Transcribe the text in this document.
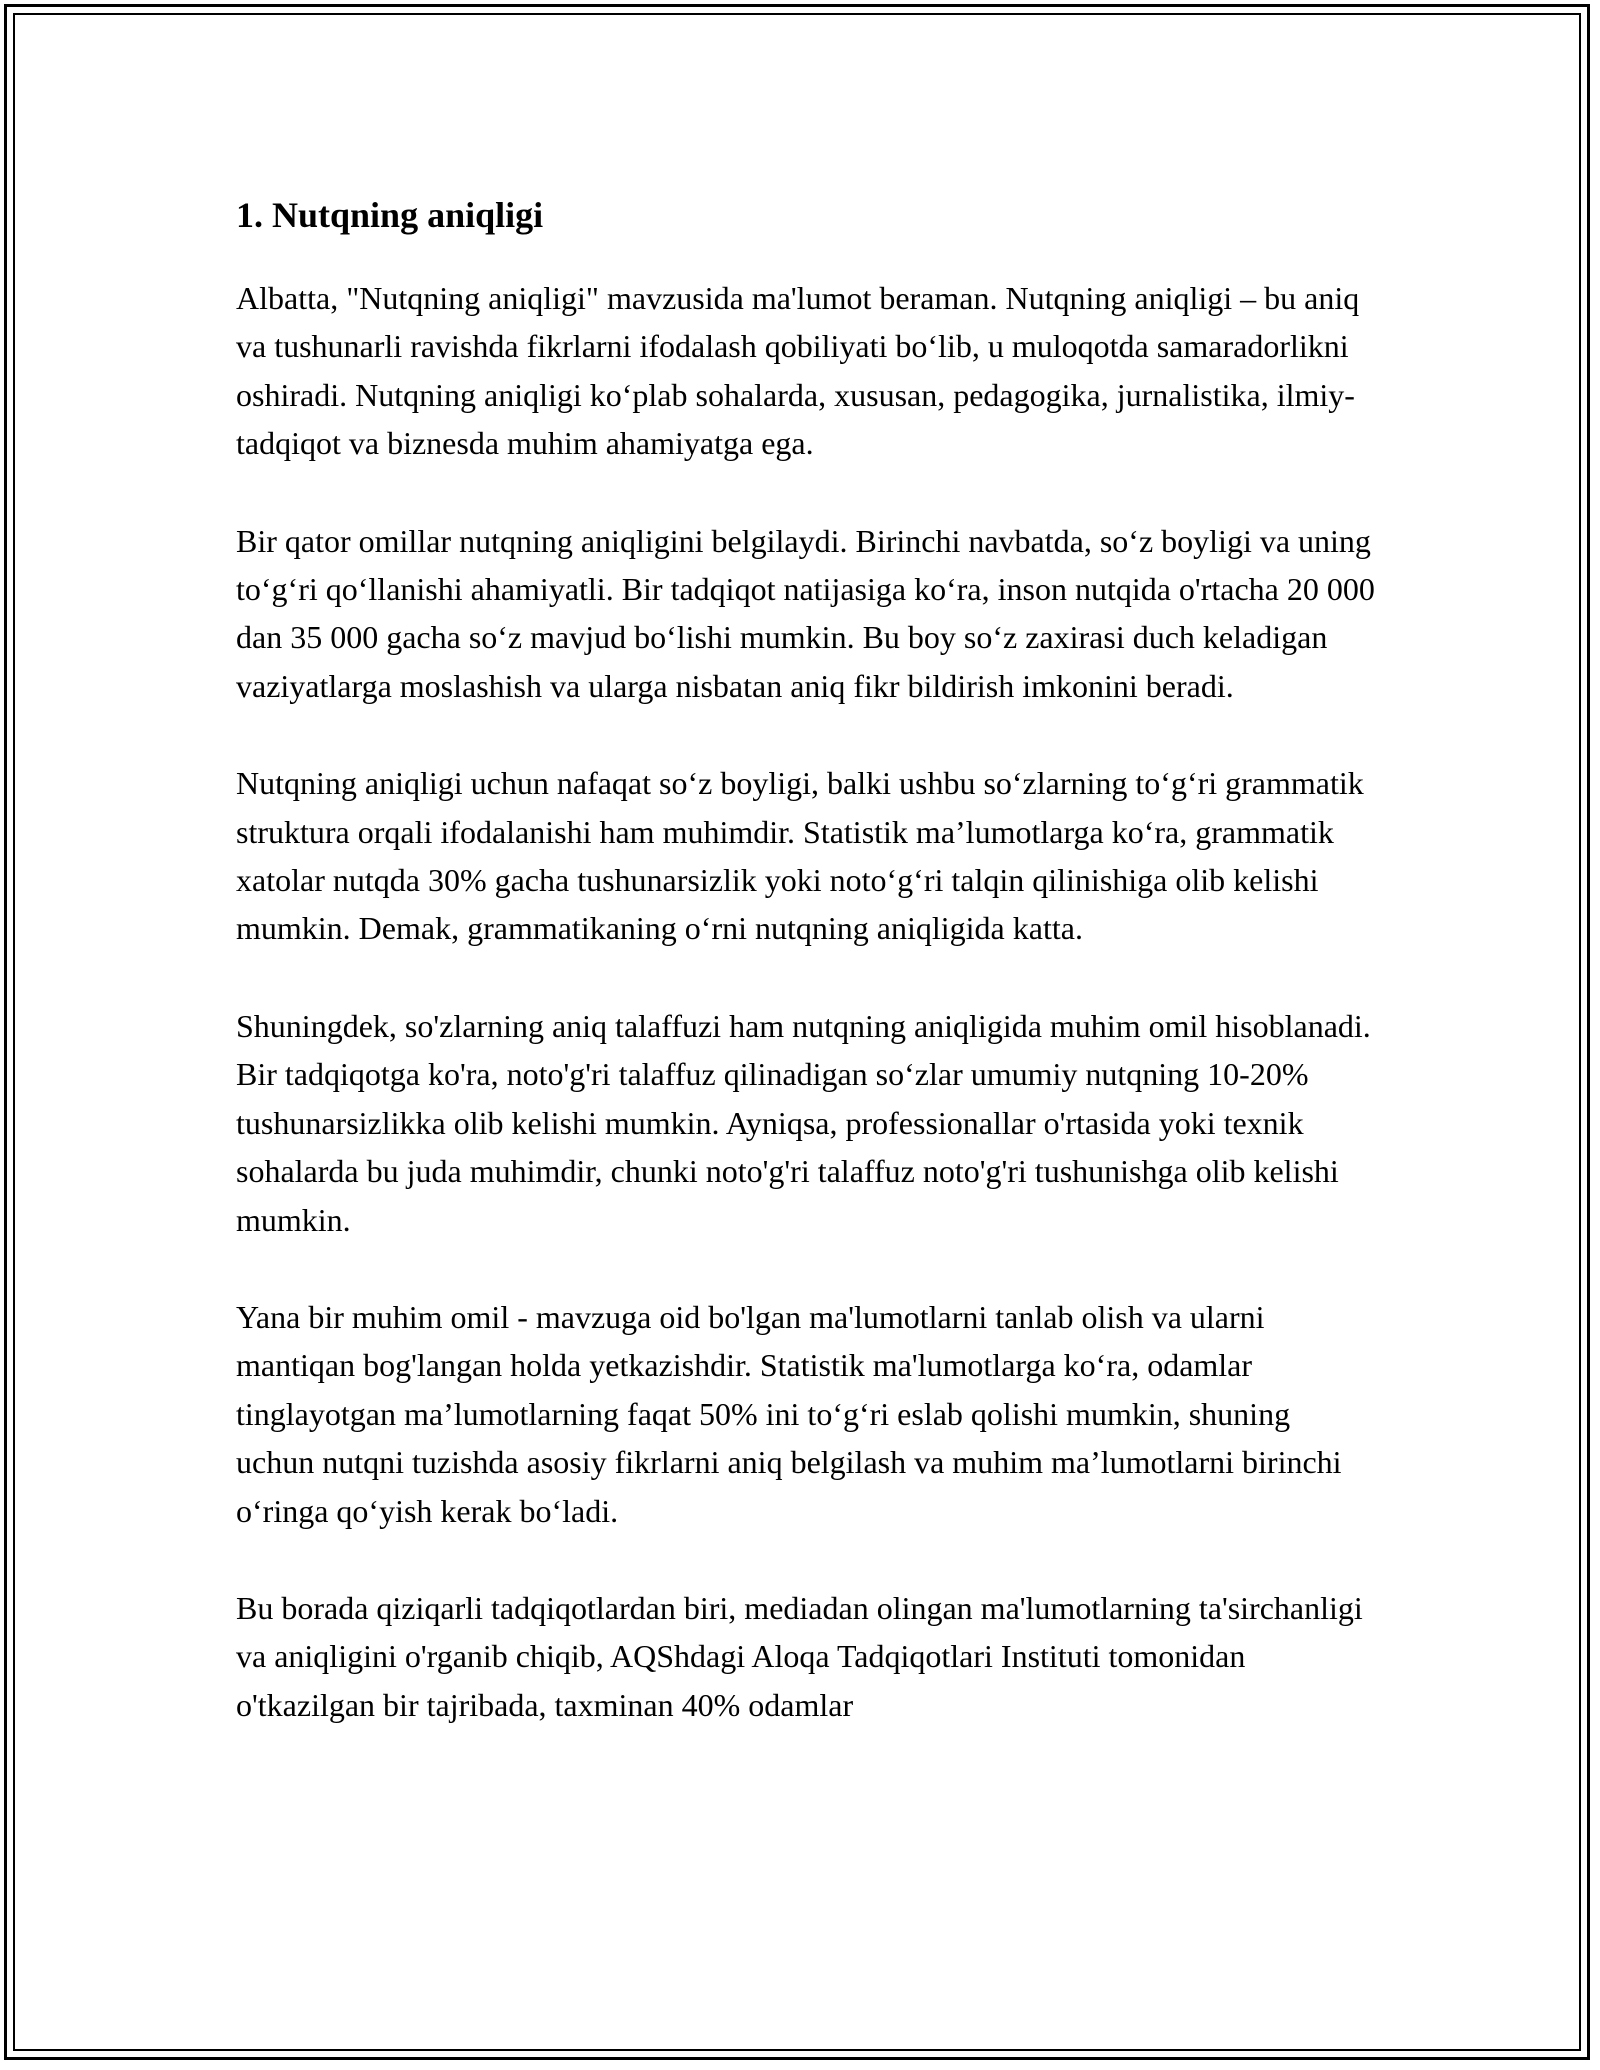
1. Nutqning aniqligi

Albatta, "Nutqning aniqligi" mavzusida ma'lumot beraman. Nutqning aniqligi – bu aniq va tushunarli ravishda fikrlarni ifodalash qobiliyati bo‘lib, u muloqotda samaradorlikni oshiradi. Nutqning aniqligi ko‘plab sohalarda, xususan, pedagogika, jurnalistika, ilmiy-tadqiqot va biznesda muhim ahamiyatga ega.

Bir qator omillar nutqning aniqligini belgilaydi. Birinchi navbatda, so‘z boyligi va uning to‘g‘ri qo‘llanishi ahamiyatli. Bir tadqiqot natijasiga ko‘ra, inson nutqida o'rtacha 20 000 dan 35 000 gacha so‘z mavjud bo‘lishi mumkin. Bu boy so‘z zaxirasi duch keladigan vaziyatlarga moslashish va ularga nisbatan aniq fikr bildirish imkonini beradi.

Nutqning aniqligi uchun nafaqat so‘z boyligi, balki ushbu so‘zlarning to‘g‘ri grammatik struktura orqali ifodalanishi ham muhimdir. Statistik ma’lumotlarga ko‘ra, grammatik xatolar nutqda 30% gacha tushunarsizlik yoki noto‘g‘ri talqin qilinishiga olib kelishi mumkin. Demak, grammatikaning o‘rni nutqning aniqligida katta.

Shuningdek, so'zlarning aniq talaffuzi ham nutqning aniqligida muhim omil hisoblanadi. Bir tadqiqotga ko'ra, noto'g'ri talaffuz qilinadigan so‘zlar umumiy nutqning 10-20% tushunarsizlikka olib kelishi mumkin. Ayniqsa, professionallar o'rtasida yoki texnik sohalarda bu juda muhimdir, chunki noto'g'ri talaffuz noto'g'ri tushunishga olib kelishi mumkin.

Yana bir muhim omil - mavzuga oid bo'lgan ma'lumotlarni tanlab olish va ularni mantiqan bog'langan holda yetkazishdir. Statistik ma'lumotlarga ko‘ra, odamlar tinglayotgan ma’lumotlarning faqat 50% ini to‘g‘ri eslab qolishi mumkin, shuning uchun nutqni tuzishda asosiy fikrlarni aniq belgilash va muhim ma’lumotlarni birinchi o‘ringa qo‘yish kerak bo‘ladi.

Bu borada qiziqarli tadqiqotlardan biri, mediadan olingan ma'lumotlarning ta'sirchanligi va aniqligini o'rganib chiqib, AQShdagi Aloqa Tadqiqotlari Instituti tomonidan o'tkazilgan bir tajribada, taxminan 40% odamlar
